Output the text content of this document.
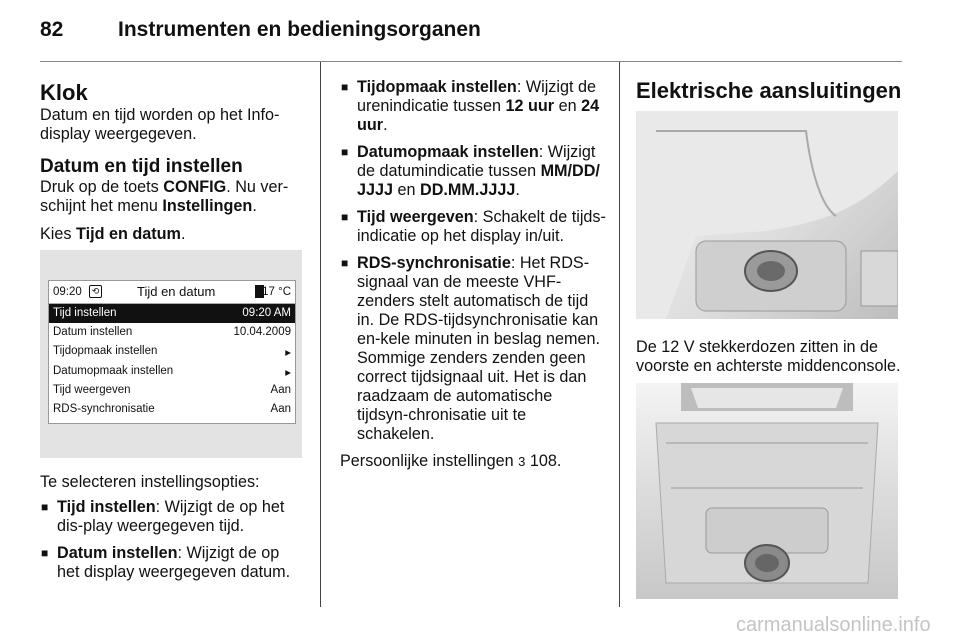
82	Instrumenten en bedieningsorganen
Klok

Datum en tijd worden op het Info-display weergegeven.

Datum en tijd instellen

Druk op de toets CONFIG. Nu ver-schijnt het menu Instellingen.

Kies Tijd en datum.

09:20	⟲	Tijd en datum	17 °C
Tijd instellen	09:20 AM
Datum instellen	10.04.2009
Tijdopmaak instellen	▸
Datumopmaak instellen	▸
Tijd weergeven	Aan
RDS-synchronisatie	Aan

Te selecteren instellingsopties:

■ Tijd instellen: Wijzigt de op het dis-play weergegeven tijd.
■ Datum instellen: Wijzigt de op het display weergegeven datum.
■ Tijdopmaak instellen: Wijzigt de urenindicatie tussen 12 uur en 24 uur.
■ Datumopmaak instellen: Wijzigt de datumindicatie tussen MM/DD/ JJJJ en DD.MM.JJJJ.
■ Tijd weergeven: Schakelt de tijds-indicatie op het display in/uit.
■ RDS-synchronisatie: Het RDS-signaal van de meeste VHF-zenders stelt automatisch de tijd in. De RDS-tijdsynchronisatie kan en-kele minuten in beslag nemen. Sommige zenders zenden geen correct tijdsignaal uit. Het is dan raadzaam de automatische tijdsyn-chronisatie uit te schakelen.

Persoonlijke instellingen 3 108.

Elektrische aansluitingen

De 12 V stekkerdozen zitten in de voorste en achterste middenconsole.

carmanualsonline.info
